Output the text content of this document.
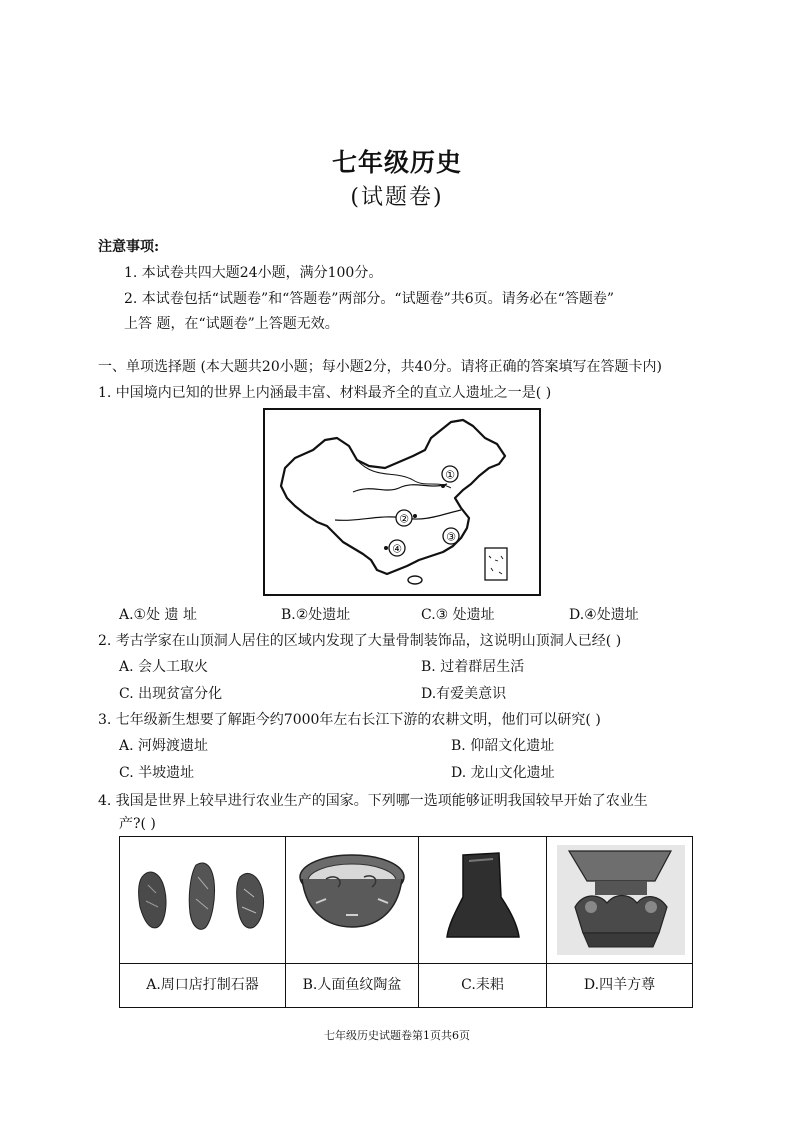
七年级历史
(试题卷)
注意事项:
1. 本试卷共四大题24小题，满分100分。
2. 本试卷包括“试题卷”和“答题卷”两部分。“试题卷”共6页。请务必在“答题卷”
上答 题，在“试题卷”上答题无效。
一、单项选择题 (本大题共20小题；每小题2分，共40分。请将正确的答案填写在答题卡内)
1. 中国境内已知的世界上内涵最丰富、材料最齐全的直立人遗址之一是( )
①
②
③
④
A.①处 遗 址	B.②处遗址	C.③ 处遗址	D.④处遗址
2. 考古学家在山顶洞人居住的区域内发现了大量骨制装饰品，这说明山顶洞人已经( )
A. 会人工取火	B. 过着群居生活
C. 出现贫富分化	D.有爱美意识
3. 七年级新生想要了解距今约7000年左右长江下游的农耕文明，他们可以研究( )
A. 河姆渡遗址	B. 仰韶文化遗址
C. 半坡遗址	D. 龙山文化遗址
4. 我国是世界上较早进行农业生产的国家。下列哪一选项能够证明我国较早开始了农业生
产?( )
A.周口店打制石器	B.人面鱼纹陶盆	C.耒耜	D.四羊方尊
七年级历史试题卷第1页共6页
